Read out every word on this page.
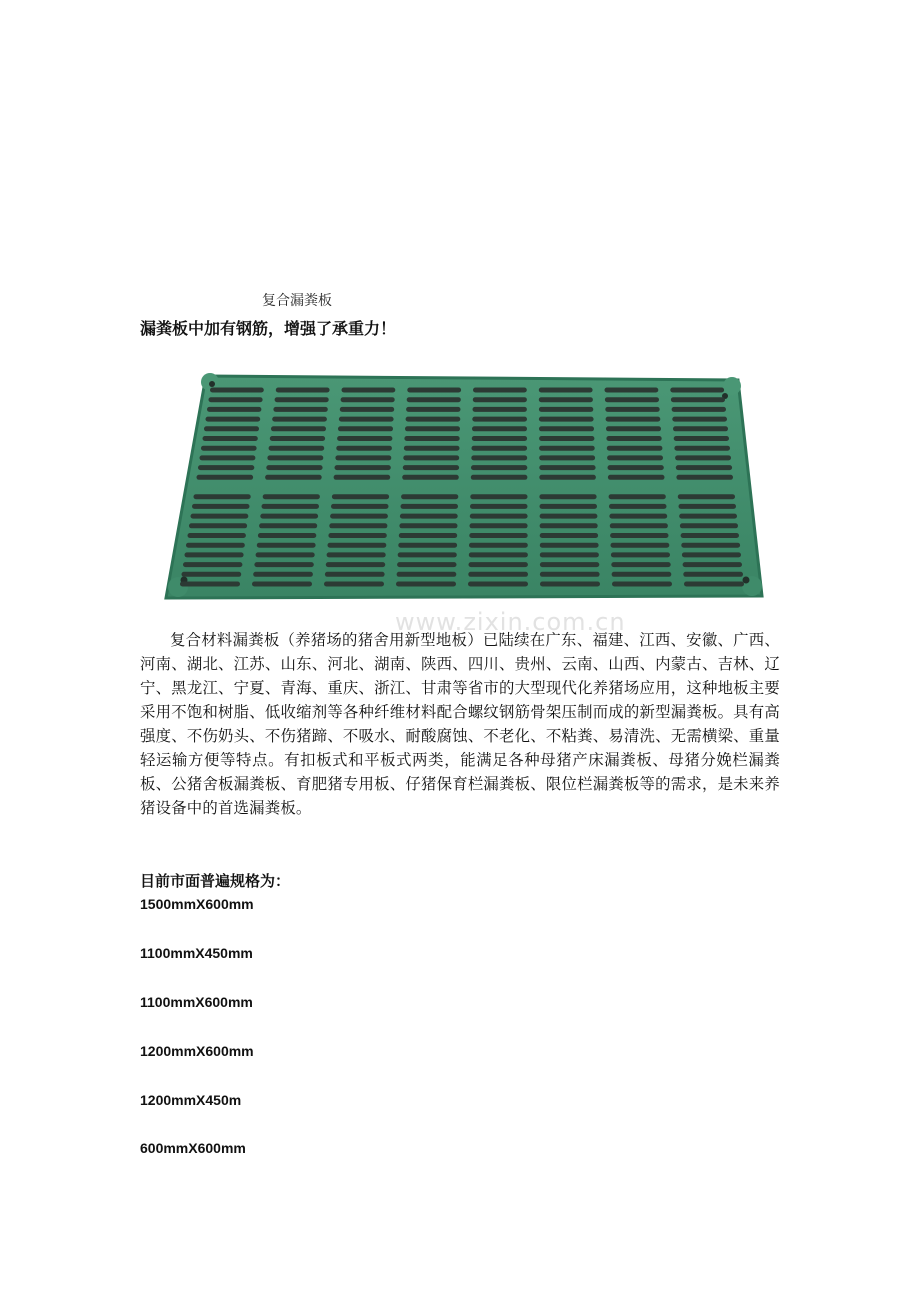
复合漏粪板
漏粪板中加有钢筋，增强了承重力！
www.zixin.com.cn

复合材料漏粪板（养猪场的猪舍用新型地板）已陆续在广东、福建、江西、安徽、广西、河南、湖北、江苏、山东、河北、湖南、陕西、四川、贵州、云南、山西、内蒙古、吉林、辽宁、黑龙江、宁夏、青海、重庆、浙江、甘肃等省市的大型现代化养猪场应用，这种地板主要采用不饱和树脂、低收缩剂等各种纤维材料配合螺纹钢筋骨架压制而成的新型漏粪板。具有高强度、不伤奶头、不伤猪蹄、不吸水、耐酸腐蚀、不老化、不粘粪、易清洗、无需横梁、重量轻运输方便等特点。有扣板式和平板式两类，能满足各种母猪产床漏粪板、母猪分娩栏漏粪板、公猪舍板漏粪板、育肥猪专用板、仔猪保育栏漏粪板、限位栏漏粪板等的需求，是未来养猪设备中的首选漏粪板。

目前市面普遍规格为：
1500mmX600mm
1100mmX450mm
1100mmX600mm
1200mmX600mm
1200mmX450m
600mmX600mm
